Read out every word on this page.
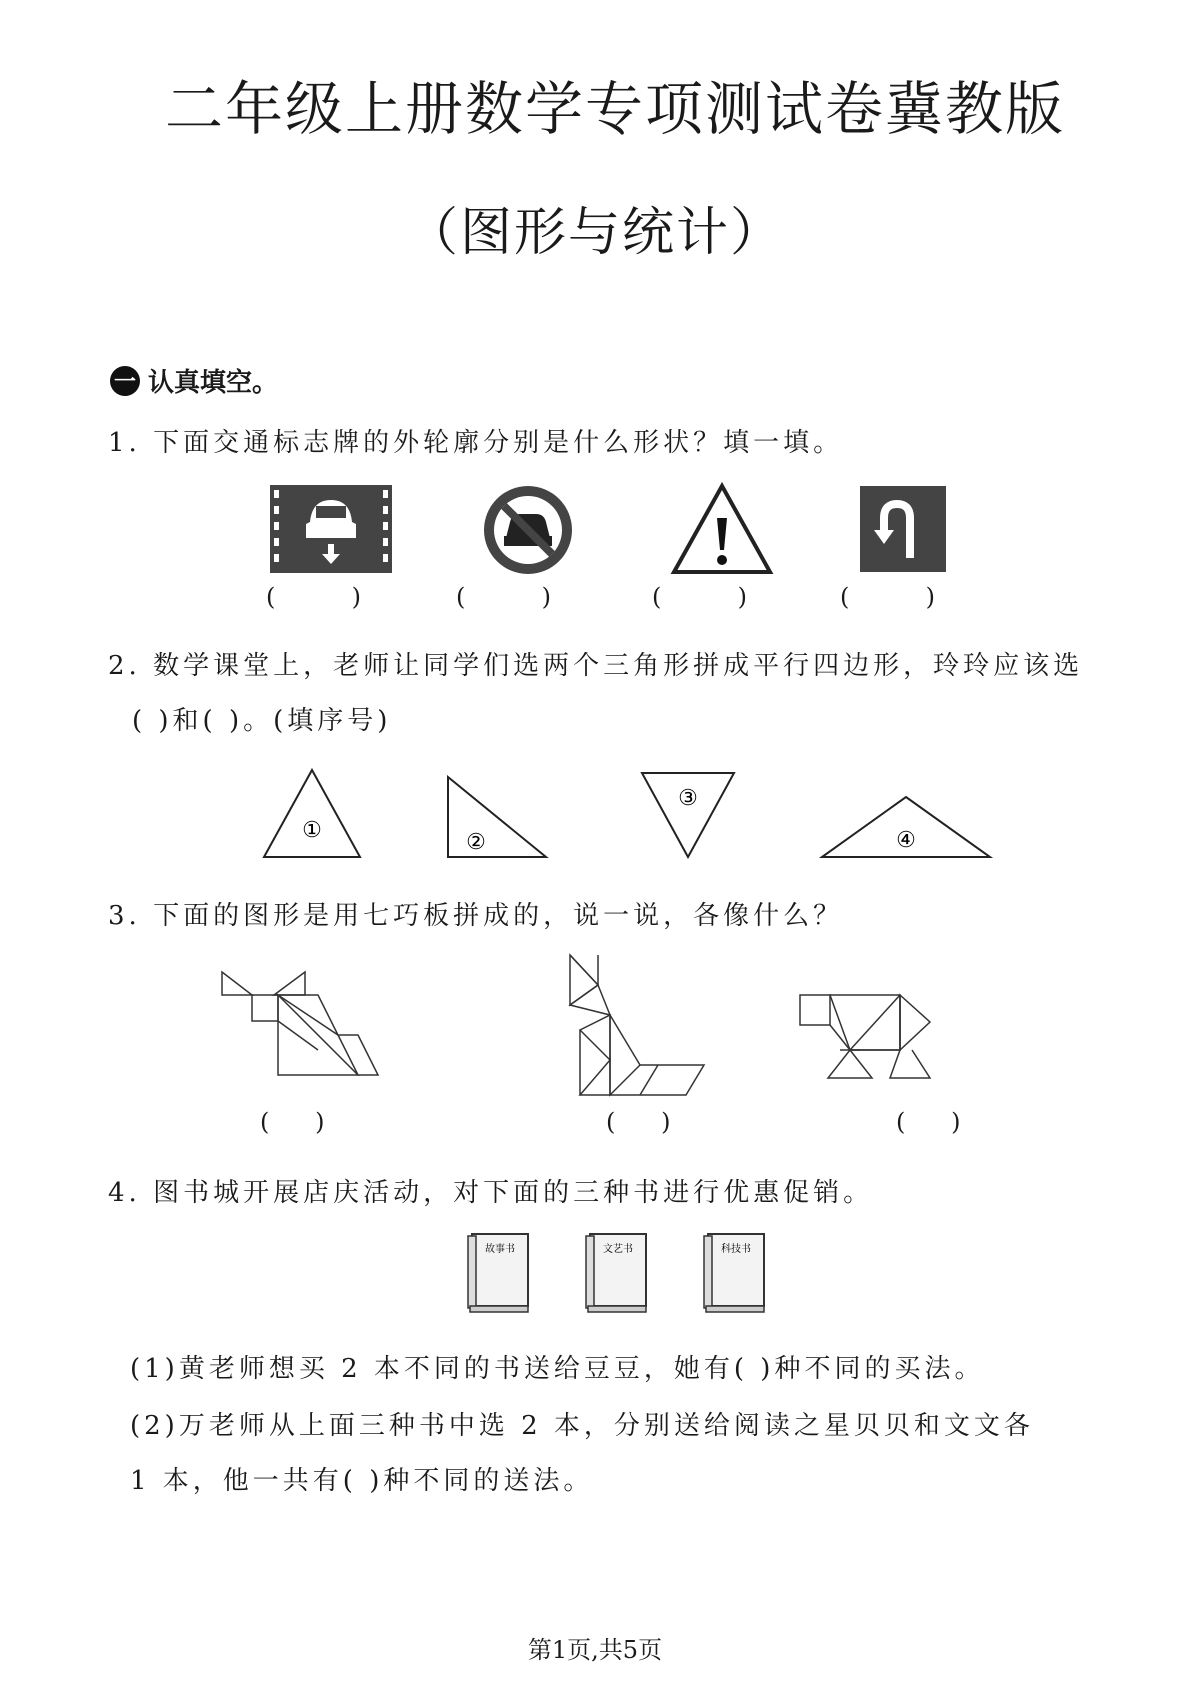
二年级上册数学专项测试卷冀教版
（图形与统计）
一 认真填空。
1. 下面交通标志牌的外轮廓分别是什么形状？填一填。
(          )	(          )	(          )	(          )
2. 数学课堂上，老师让同学们选两个三角形拼成平行四边形，玲玲应该选
( )和( )。(填序号)
①	②
③
④
3. 下面的图形是用七巧板拼成的，说一说，各像什么？
(      )	(      )	(      )
4. 图书城开展店庆活动，对下面的三种书进行优惠促销。
故事书	文艺书	科技书
(1)黄老师想买 2 本不同的书送给豆豆，她有( )种不同的买法。
(2)万老师从上面三种书中选 2 本，分别送给阅读之星贝贝和文文各
1 本，他一共有( )种不同的送法。
第1页,共5页
